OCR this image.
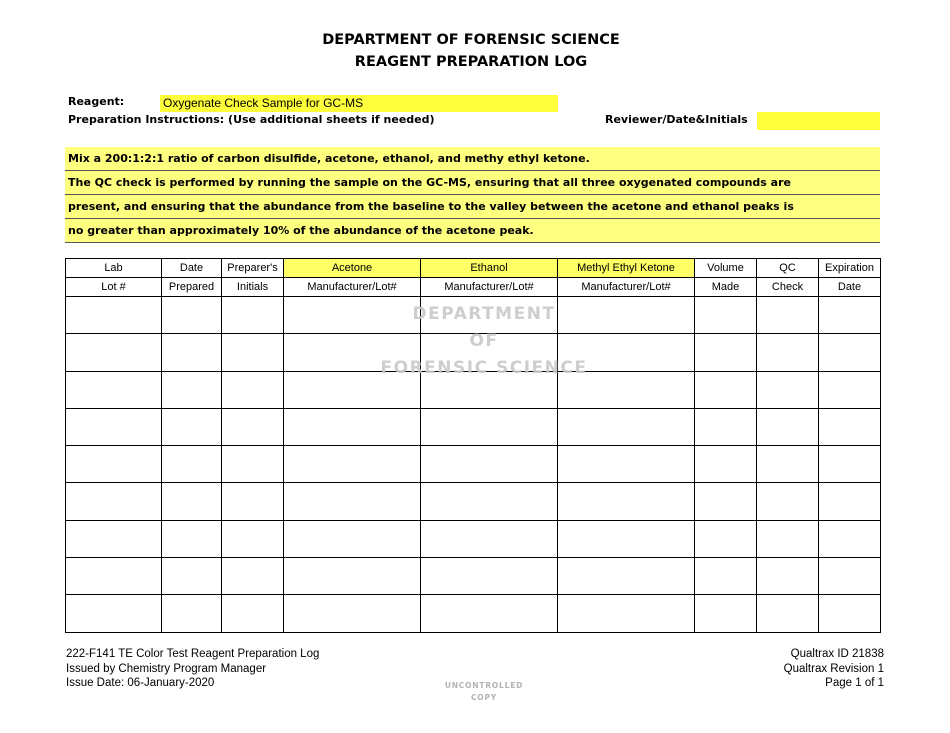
DEPARTMENT OF FORENSIC SCIENCE
REAGENT PREPARATION LOG
Reagent:	Oxygenate Check Sample for GC-MS
Preparation Instructions: (Use additional sheets if needed)	Reviewer/Date&Initials
Mix a 200:1:2:1 ratio of carbon disulfide, acetone, ethanol, and methy ethyl ketone.
The QC check is performed by running the sample on the GC-MS, ensuring that all three oxygenated compounds are
present, and ensuring that the abundance from the baseline to the valley between the acetone and ethanol peaks is
no greater than approximately 10% of the abundance of the acetone peak.
Lab	Date	Preparer's	Acetone	Ethanol	Methyl Ethyl Ketone	Volume	QC	Expiration
Lot #	Prepared	Initials	Manufacturer/Lot#	Manufacturer/Lot#	Manufacturer/Lot#	Made	Check	Date

DEPARTMENT
OF
FORENSIC SCIENCE
222-F141 TE Color Test Reagent Preparation Log
Issued by Chemistry Program Manager
Issue Date: 06-January-2020
Qualtrax ID 21838
Qualtrax Revision 1
Page 1 of 1
UNCONTROLLED
COPY
